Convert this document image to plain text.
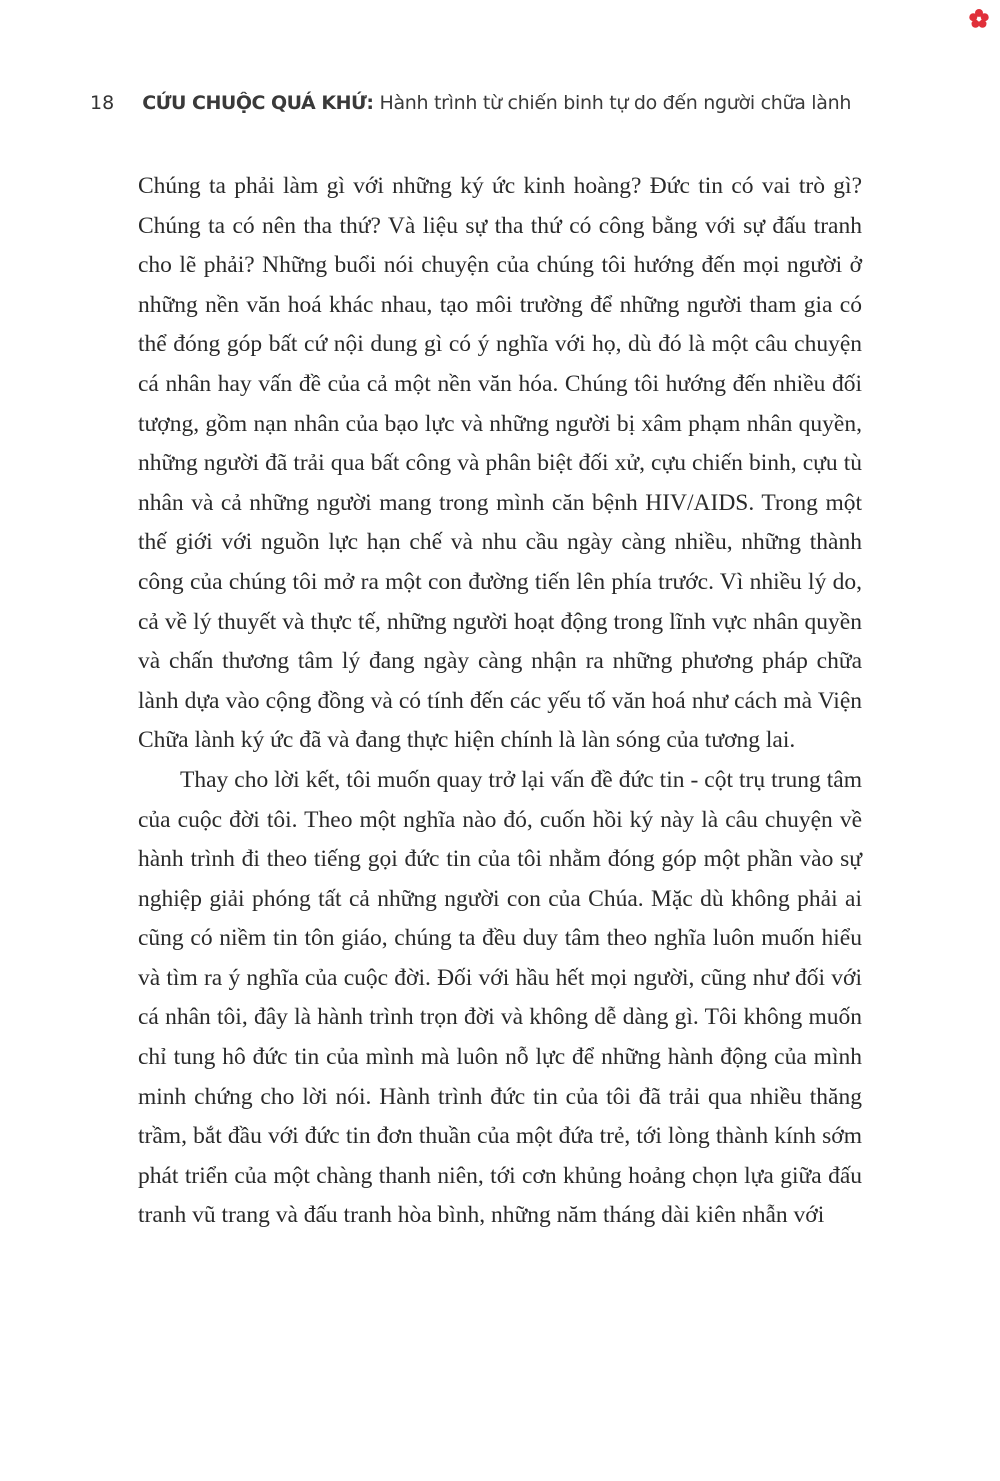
18 CỨU CHUỘC QUÁ KHỨ: Hành trình từ chiến binh tự do đến người chữa lành

Chúng ta phải làm gì với những ký ức kinh hoàng? Đức tin có vai trò gì? Chúng ta có nên tha thứ? Và liệu sự tha thứ có công bằng với sự đấu tranh cho lẽ phải? Những buổi nói chuyện của chúng tôi hướng đến mọi người ở những nền văn hoá khác nhau, tạo môi trường để những người tham gia có thể đóng góp bất cứ nội dung gì có ý nghĩa với họ, dù đó là một câu chuyện cá nhân hay vấn đề của cả một nền văn hóa. Chúng tôi hướng đến nhiều đối tượng, gồm nạn nhân của bạo lực và những người bị xâm phạm nhân quyền, những người đã trải qua bất công và phân biệt đối xử, cựu chiến binh, cựu tù nhân và cả những người mang trong mình căn bệnh HIV/AIDS. Trong một thế giới với nguồn lực hạn chế và nhu cầu ngày càng nhiều, những thành công của chúng tôi mở ra một con đường tiến lên phía trước. Vì nhiều lý do, cả về lý thuyết và thực tế, những người hoạt động trong lĩnh vực nhân quyền và chấn thương tâm lý đang ngày càng nhận ra những phương pháp chữa lành dựa vào cộng đồng và có tính đến các yếu tố văn hoá như cách mà Viện Chữa lành ký ức đã và đang thực hiện chính là làn sóng của tương lai.

Thay cho lời kết, tôi muốn quay trở lại vấn đề đức tin - cột trụ trung tâm của cuộc đời tôi. Theo một nghĩa nào đó, cuốn hồi ký này là câu chuyện về hành trình đi theo tiếng gọi đức tin của tôi nhằm đóng góp một phần vào sự nghiệp giải phóng tất cả những người con của Chúa. Mặc dù không phải ai cũng có niềm tin tôn giáo, chúng ta đều duy tâm theo nghĩa luôn muốn hiểu và tìm ra ý nghĩa của cuộc đời. Đối với hầu hết mọi người, cũng như đối với cá nhân tôi, đây là hành trình trọn đời và không dễ dàng gì. Tôi không muốn chỉ tung hô đức tin của mình mà luôn nỗ lực để những hành động của mình minh chứng cho lời nói. Hành trình đức tin của tôi đã trải qua nhiều thăng trầm, bắt đầu với đức tin đơn thuần của một đứa trẻ, tới lòng thành kính sớm phát triển của một chàng thanh niên, tới cơn khủng hoảng chọn lựa giữa đấu tranh vũ trang và đấu tranh hòa bình, những năm tháng dài kiên nhẫn với
